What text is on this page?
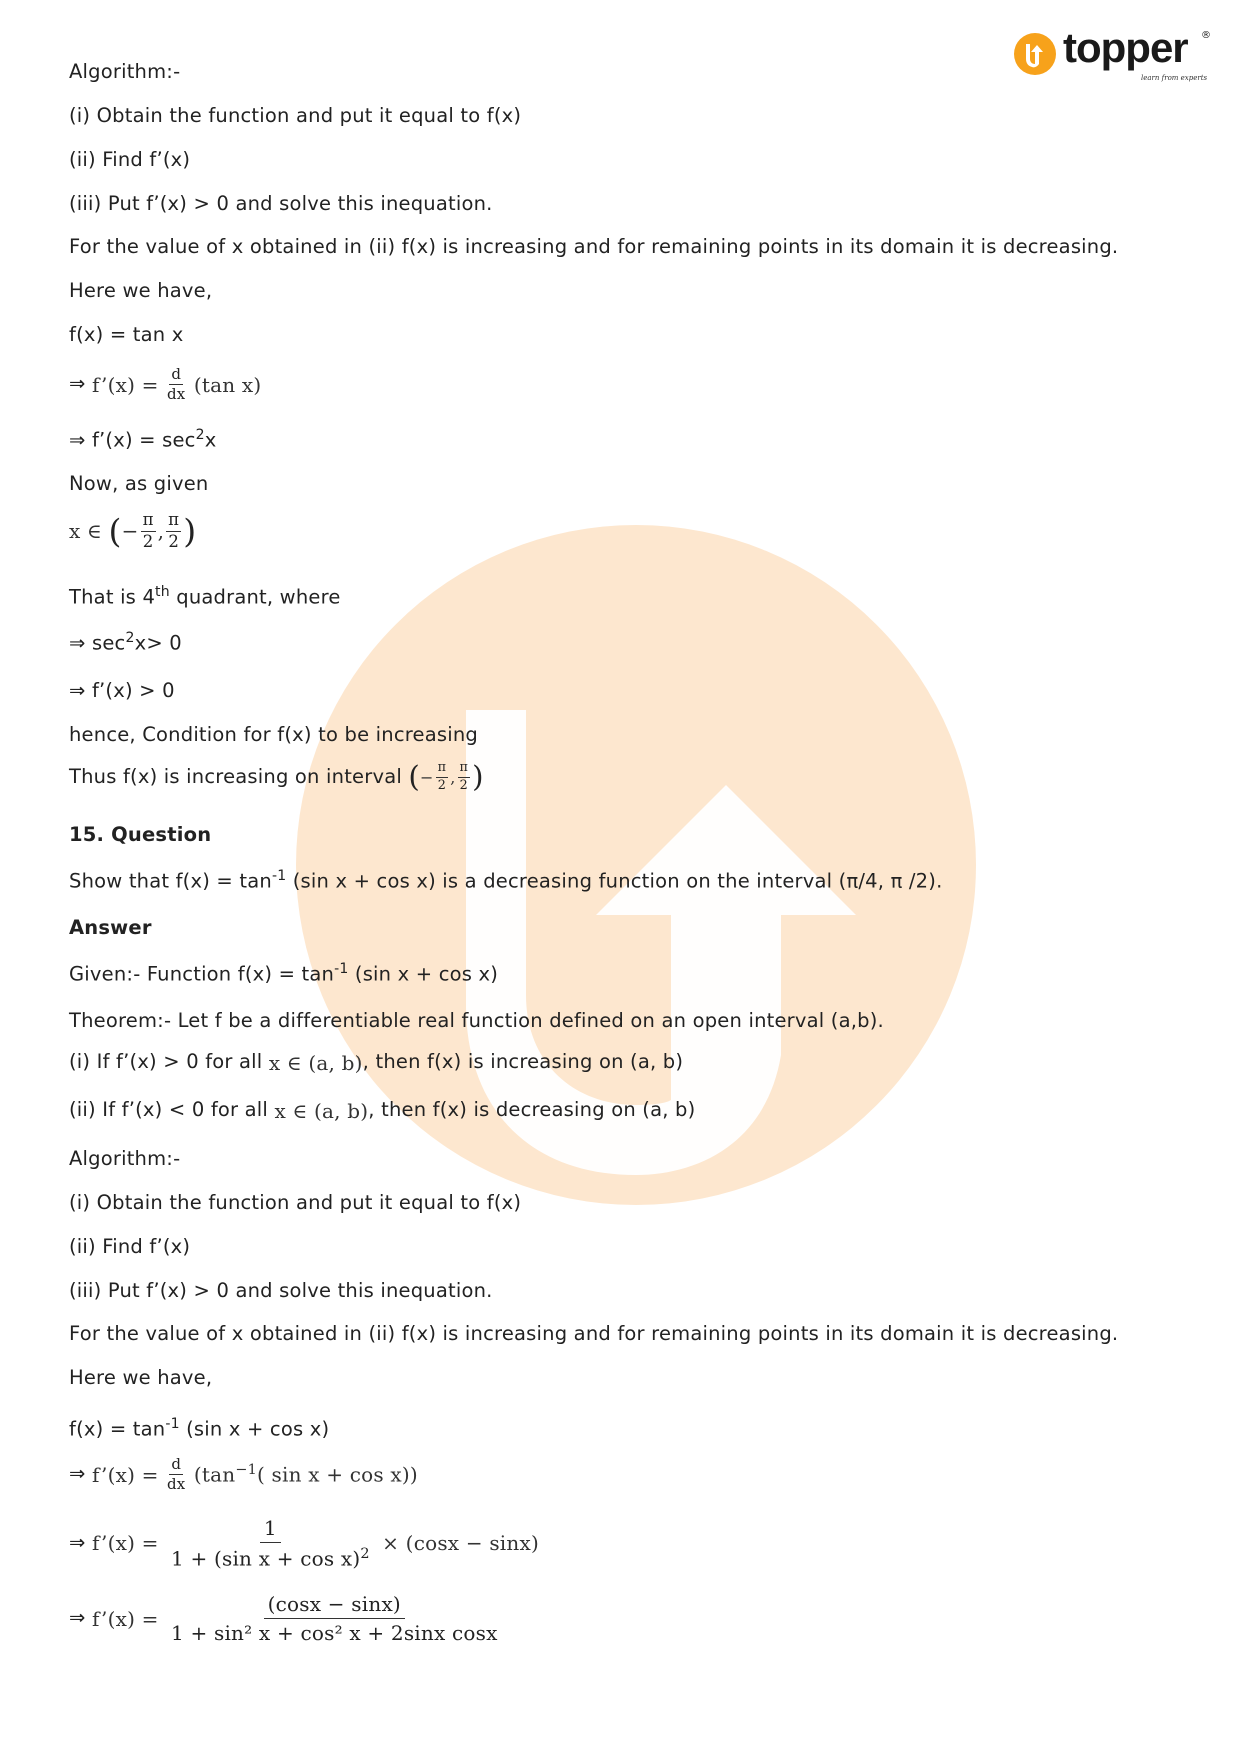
topper ®
learn from experts
Algorithm:-
(i) Obtain the function and put it equal to f(x)
(ii) Find f’(x)
(iii) Put f’(x) > 0 and solve this inequation.
For the value of x obtained in (ii) f(x) is increasing and for remaining points in its domain it is decreasing.
Here we have,
f(x) = tan x
⇒ f’(x) = $\frac{d}{dx} (\tan$ x)
⇒ f’(x) = $\sec^2x$
Now, as given
x ∈ (− $\frac{\pi}{2}$ , $\frac{\pi}{2}$ )
That is 4th quadrant, where
⇒ $\sec^2x> 0$
⇒ f’(x) > 0
hence, Condition for f(x) to be increasing
Thus f(x) is increasing on interval (− $\frac{\pi}{2}$ , $\frac{\pi}{2}$ )
15. Question
Show that $f(x) = \tan^{-1} (\sin$ x + cos x) is a decreasing function on the interval (π/4, π /2).
Answer
Given:- Function $f(x) = \tan^{-1} (\sin$ x + cos x)
Theorem:- Let f be a differentiable real function defined on an open interval (a,b).
(i) If f’(x) > 0 for all x ∈ (a, b), then f(x) is increasing on (a, b)
(ii) If f’(x) < 0 for all x ∈ (a, b), then f(x) is decreasing on (a, b)
Algorithm:-
(i) Obtain the function and put it equal to f(x)
(ii) Find f’(x)
(iii) Put f’(x) > 0 and solve this inequation.
For the value of x obtained in (ii) f(x) is increasing and for remaining points in its domain it is decreasing.
Here we have,
$f(x) = \tan^{-1} (\sin$ x + cos x)
⇒ f’(x) = $\frac{d}{dx} (\tan^{-1}$( sin x + cos x))
⇒ f’(x) = $\frac{1}{1 + (\sin x + \cos x)^2} \times (\cos x - \sin x)$
⇒ f’(x) = $\frac{(\cos x - \sin x)}{\text{1 + sin² x + cos² x + 2sinx cosx}}$
